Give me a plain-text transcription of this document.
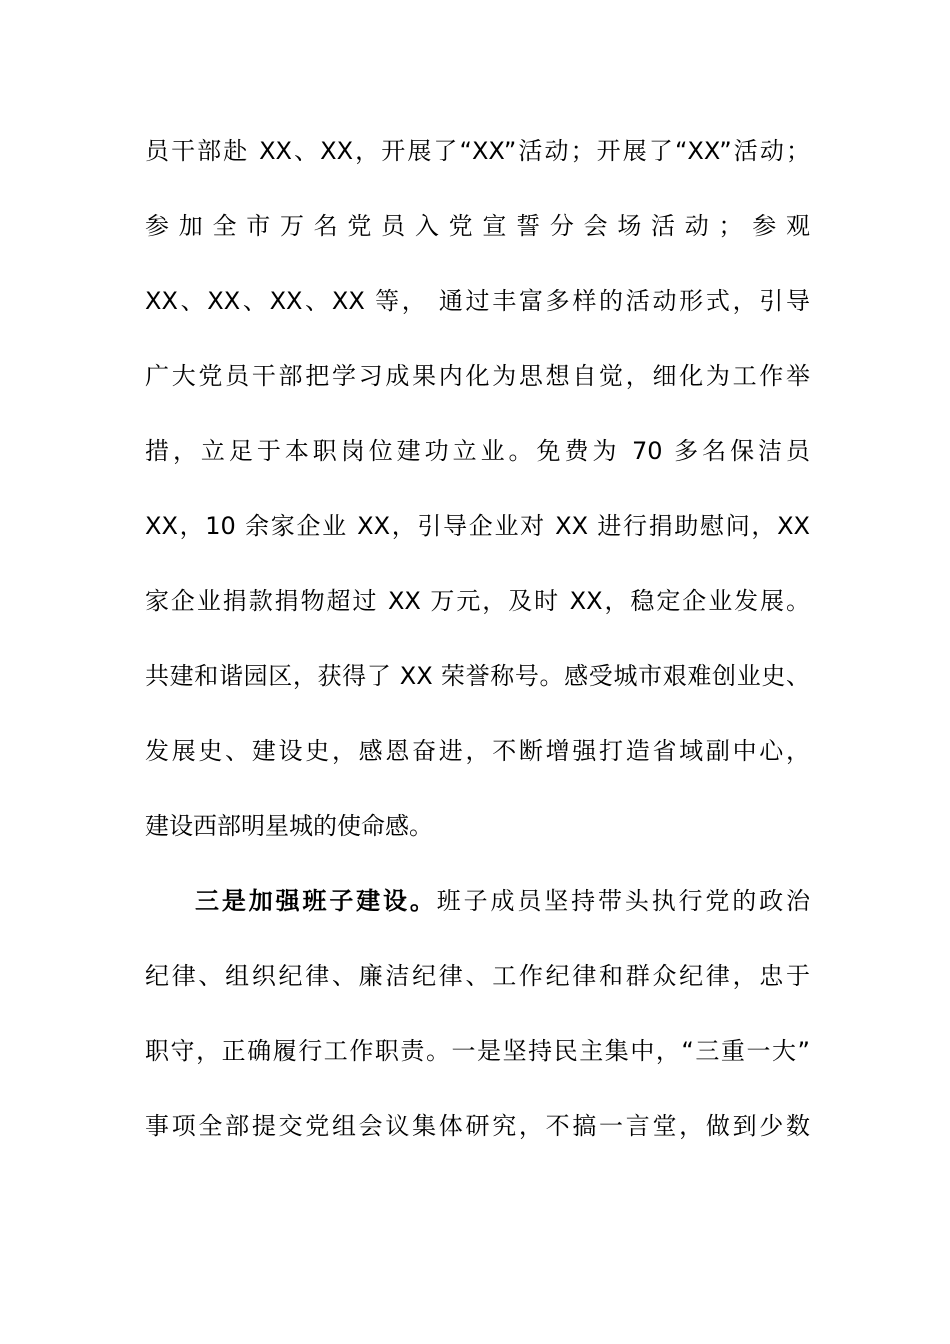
员干部赴 XX、XX，开展了“XX”活动；开展了“XX”活动；
参加全市万名党员入党宣誓分会场活动；参观
XX、XX、XX、XX 等， 通过丰富多样的活动形式，引导
广大党员干部把学习成果内化为思想自觉，细化为工作举
措，立足于本职岗位建功立业。免费为 70 多名保洁员
XX，10 余家企业 XX，引导企业对 XX 进行捐助慰问，XX
家企业捐款捐物超过 XX 万元，及时 XX，稳定企业发展。
共建和谐园区，获得了 XX 荣誉称号。感受城市艰难创业史、
发展史、建设史，感恩奋进，不断增强打造省域副中心，
建设西部明星城的使命感。
三是加强班子建设。班子成员坚持带头执行党的政治
纪律、组织纪律、廉洁纪律、工作纪律和群众纪律，忠于
职守，正确履行工作职责。一是坚持民主集中，“三重一大”
事项全部提交党组会议集体研究，不搞一言堂，做到少数
